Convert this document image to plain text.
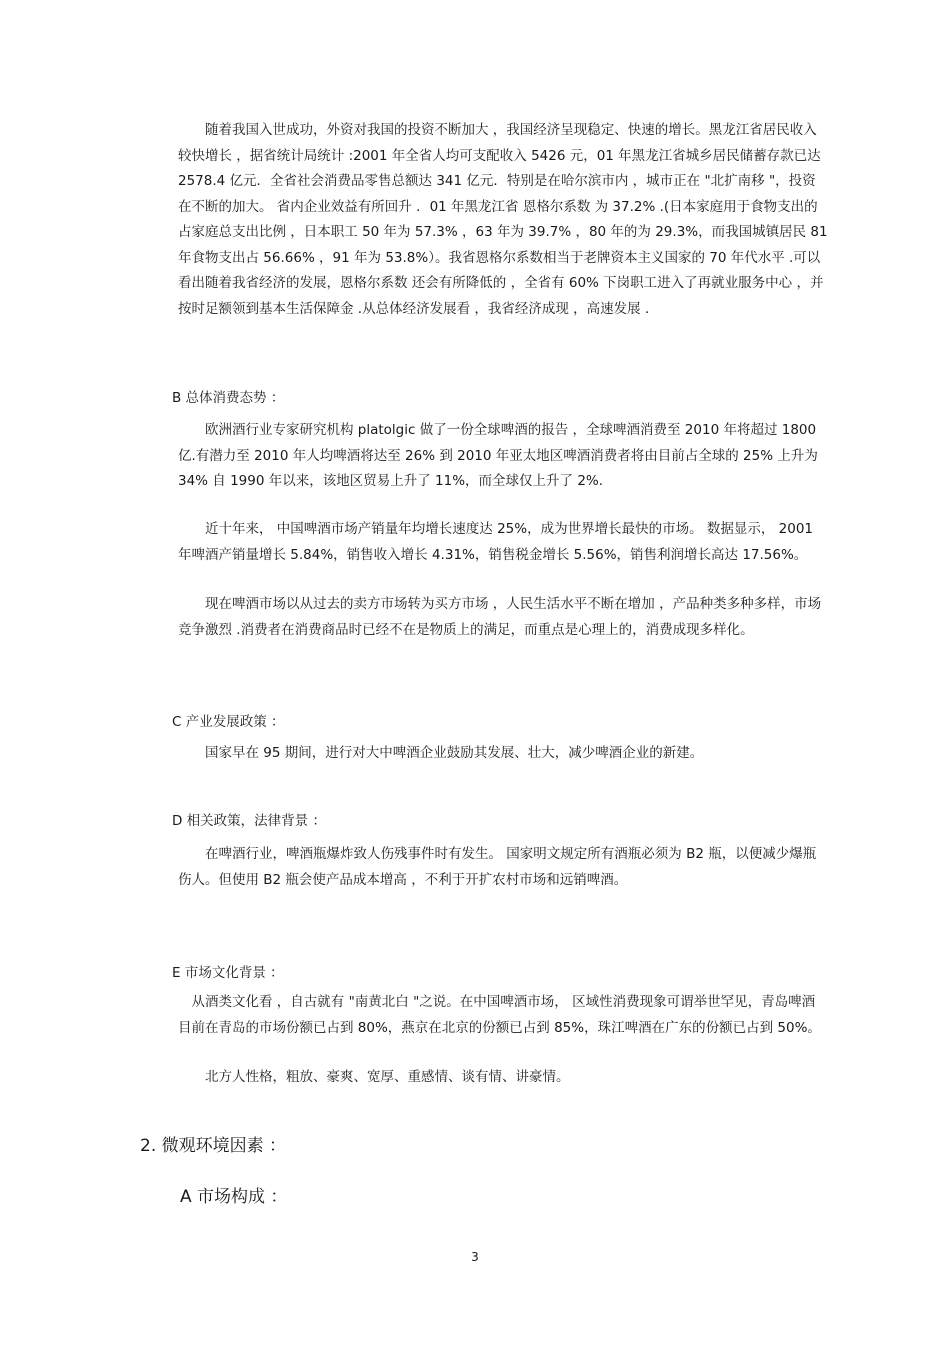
　　随着我国入世成功，外资对我国的投资不断加大 ，我国经济呈现稳定、快速的增长。黑龙江省居民收入较快增长 ，据省统计局统计 :2001 年全省人均可支配收入 5426 元，01 年黑龙江省城乡居民储蓄存款已达 2578.4 亿元．全省社会消费品零售总额达 341 亿元．特别是在哈尔滨市内 ，城市正在 "北扩南移 "，投资在不断的加大。 省内企业效益有所回升 ．01 年黑龙江省 恩格尔系数 为 37.2% .(日本家庭用于食物支出的占家庭总支出比例 ，日本职工 50 年为 57.3% ，63 年为 39.7% ，80 年的为 29.3%，而我国城镇居民 81 年食物支出占 56.66% ，91 年为 53.8%）。我省恩格尔系数相当于老牌资本主义国家的 70 年代水平 .可以看出随着我省经济的发展，恩格尔系数 还会有所降低的 ，全省有 60% 下岗职工进入了再就业服务中心 ，并按时足额领到基本生活保障金 .从总体经济发展看 ，我省经济成现 ，高速发展 ．
B 总体消费态势 ：
　　欧洲酒行业专家研究机构 platolgic 做了一份全球啤酒的报告 ，全球啤酒消费至 2010 年将超过 1800 亿.有潜力至 2010 年人均啤酒将达至 26% 到 2010 年亚太地区啤酒消费者将由目前占全球的 25% 上升为 34% 自 1990 年以来，该地区贸易上升了 11%，而全球仅上升了 2%.
　　近十年来， 中国啤酒市场产销量年均增长速度达 25%，成为世界增长最快的市场。 数据显示， 2001 年啤酒产销量增长 5.84%，销售收入增长 4.31%，销售税金增长 5.56%，销售利润增长高达 17.56%。
　　现在啤酒市场以从过去的卖方市场转为买方市场 ，人民生活水平不断在增加 ，产品种类多种多样，市场竞争激烈 .消费者在消费商品时已经不在是物质上的满足，而重点是心理上的，消费成现多样化。
C 产业发展政策 ：
　　国家早在 95 期间，进行对大中啤酒企业鼓励其发展、壮大，减少啤酒企业的新建。
D 相关政策，法律背景 ：
　　在啤酒行业，啤酒瓶爆炸致人伤残事件时有发生。 国家明文规定所有酒瓶必须为 B2 瓶，以便减少爆瓶伤人。但使用 B2 瓶会使产品成本增高 ，不利于开扩农村市场和远销啤酒。
E 市场文化背景 ：
　从酒类文化看 ，自古就有 "南黄北白 "之说。在中国啤酒市场， 区域性消费现象可谓举世罕见，青岛啤酒目前在青岛的市场份额已占到 80%，燕京在北京的份额已占到 85%，珠江啤酒在广东的份额已占到 50%。
　　北方人性格，粗放、豪爽、宽厚、重感情、谈有情、讲豪情。
2. 微观环境因素 ：
A 市场构成 ：
3
